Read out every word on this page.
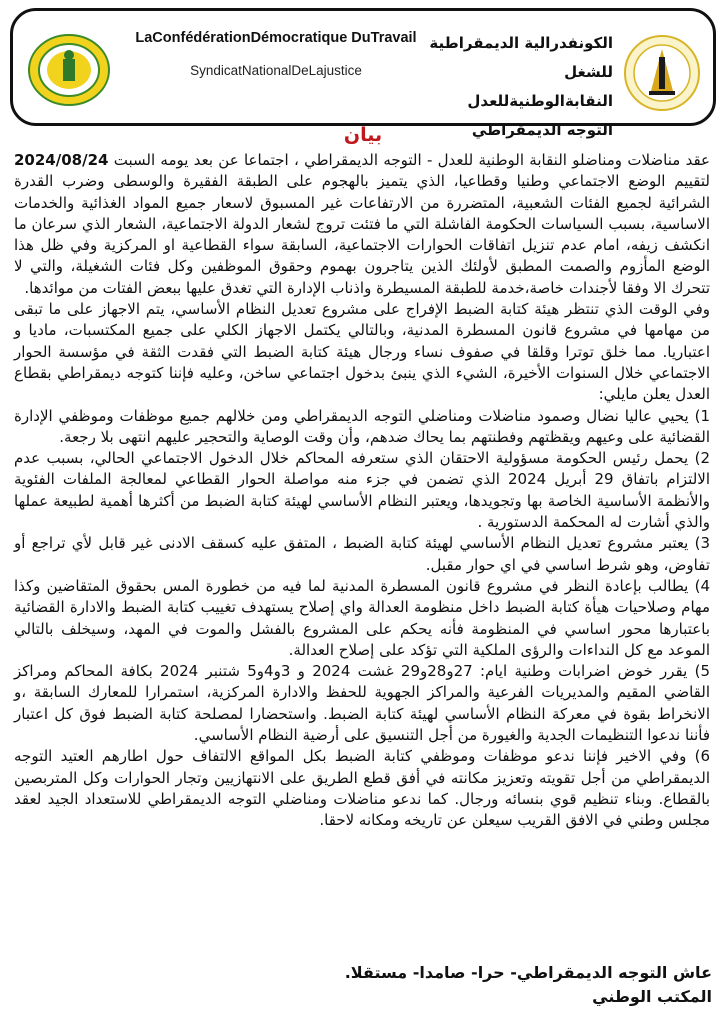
LaConfédérationDémocratique DuTravail
SyndicatNationalDeLajustice
الكونفدرالية الديمقراطية للشغل
النقابةالوطنيةللعدل
التوجه الديمقراطي
بيان

عقد مناضلات ومناضلو النقابة الوطنية للعدل - التوجه الديمقراطي ، اجتماعا عن بعد يومه السبت 2024/08/24 لتقييم الوضع الاجتماعي وطنيا وقطاعيا، الذي يتميز بالهجوم على الطبقة الفقيرة والوسطى وضرب القدرة الشرائية لجميع الفئات الشعبية، المتضررة من الارتفاعات غير المسبوق لاسعار جميع المواد الغذائية والخدمات الاساسية، بسبب السياسات الحكومة الفاشلة التي ما فتئت تروج لشعار الدولة الاجتماعية، الشعار الذي سرعان ما انكشف زيفه، امام عدم تنزيل اتفاقات الحوارات الاجتماعية، السابقة سواء القطاعية او المركزية وفي ظل هذا الوضع المأزوم والصمت المطبق لأولئك الذين يتاجرون بهموم وحقوق الموظفين وكل فئات الشغيلة، والتي لا تتحرك الا وفقا لأجندات خاصة،خدمة للطبقة المسيطرة واذناب الإدارة التي تغدق عليها ببعض الفتات من موائدها.

وفي الوقت الذي تنتظر هيئة كتابة الضبط الإفراج على مشروع تعديل النظام الأساسي، يتم الاجهاز على ما تبقى من مهامها في مشروع قانون المسطرة المدنية، وبالتالي يكتمل الاجهاز الكلي على جميع المكتسبات، ماديا و اعتباريا. مما خلق توترا وقلقا في صفوف نساء ورجال هيئة كتابة الضبط التي فقدت الثقة في مؤسسة الحوار الاجتماعي خلال السنوات الأخيرة، الشيء الذي ينبئ بدخول اجتماعي ساخن، وعليه فإننا كتوجه ديمقراطي بقطاع العدل يعلن مايلي:

1) يحيي عاليا نضال وصمود مناضلات ومناضلي التوجه الديمقراطي ومن خلالهم جميع موظفات وموظفي الإدارة القضائية على وعيهم ويقظتهم وفطنتهم بما يحاك ضدهم، وأن وقت الوصاية والتحجير عليهم انتهى بلا رجعة.

2) يحمل رئيس الحكومة مسؤولية الاحتقان الذي ستعرفه المحاكم خلال الدخول الاجتماعي الحالي، بسبب عدم الالتزام باتفاق 29 أبريل 2024 الذي تضمن في جزء منه مواصلة الحوار القطاعي لمعالجة الملفات الفئوية والأنظمة الأساسية الخاصة بها وتجويدها، ويعتبر النظام الأساسي لهيئة كتابة الضبط من أكثرها أهمية لطبيعة عملها والذي أشارت له المحكمة الدستورية .

3) يعتبر مشروع تعديل النظام الأساسي لهيئة كتابة الضبط ، المتفق عليه كسقف الادنى غير قابل لأي تراجع أو تفاوض، وهو شرط اساسي في اي حوار مقبل.

4) يطالب بإعادة النظر في مشروع قانون المسطرة المدنية لما فيه من خطورة المس بحقوق المتقاضين وكذا مهام وصلاحيات هيأة كتابة الضبط داخل منظومة العدالة واي إصلاح يستهدف تغييب كتابة الضبط والادارة القضائية باعتبارها محور اساسي في المنظومة فأنه يحكم على المشروع بالفشل والموت في المهد، وسيخلف بالتالي الموعد مع كل النداءات والرؤى الملكية التي تؤكد على إصلاح العدالة.

5) يقرر خوض اضرابات وطنية ايام: 27و28و29 غشت 2024 و 3و4و5 شتنبر 2024 بكافة المحاكم ومراكز القاضي المقيم والمديريات الفرعية والمراكز الجهوية للحفظ والادارة المركزية، استمرارا للمعارك السابقة ،و الانخراط بقوة في معركة النظام الأساسي لهيئة كتابة الضبط. واستحضارا لمصلحة كتابة الضبط فوق كل اعتبار فأننا ندعوا التنظيمات الجدية والغيورة من أجل التنسيق على أرضية النظام الأساسي.

6) وفي الاخير فإننا ندعو موظفات وموظفي كتابة الضبط بكل المواقع الالتفاف حول اطارهم العتيد التوجه الديمقراطي من أجل تقويته وتعزيز مكانته في أفق قطع الطريق على الانتهازيين وتجار الحوارات وكل المتربصين بالقطاع. وبناء تنظيم قوي بنسائه ورجال. كما ندعو مناضلات ومناضلي التوجه الديمقراطي للاستعداد الجيد لعقد مجلس وطني في الافق القريب سيعلن عن تاريخه ومكانه لاحقا.

عاش التوجه الديمقراطي- حرا- صامدا- مستقلا.
المكتب الوطني
